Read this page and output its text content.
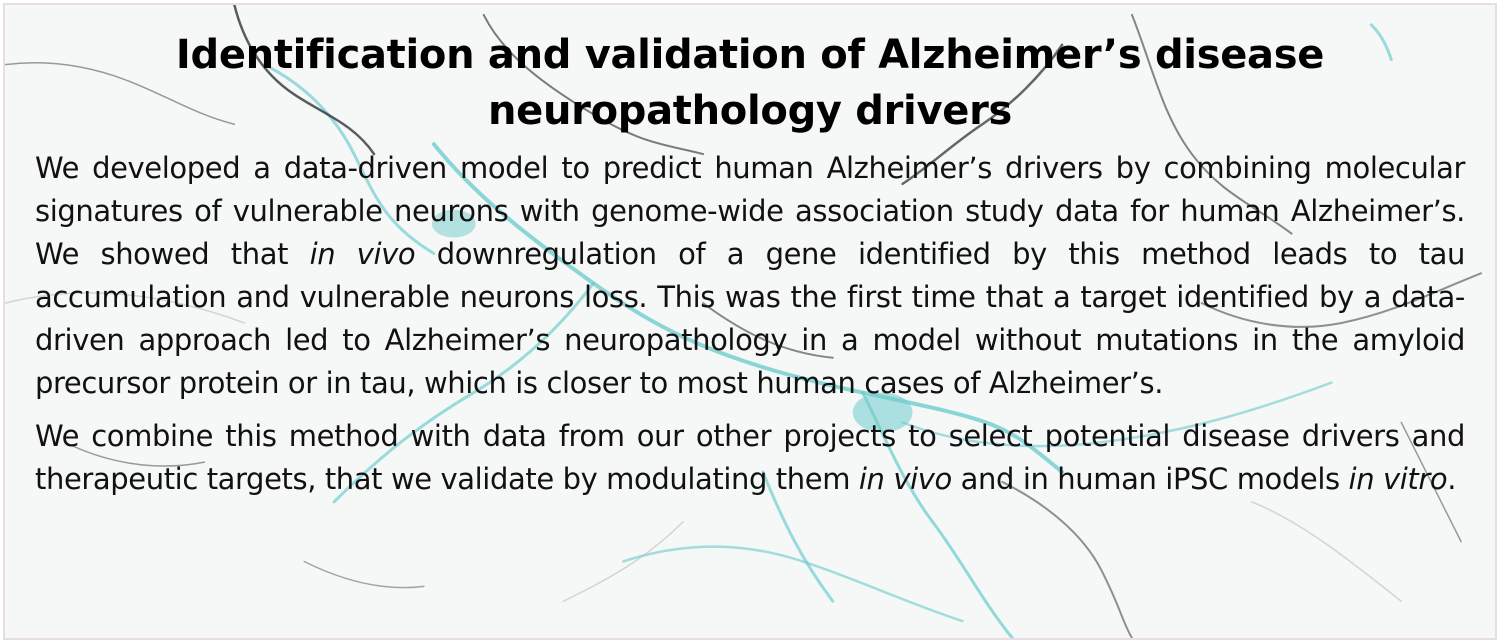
Identification and validation of Alzheimer’s disease neuropathology drivers

We developed a data-driven model to predict human Alzheimer’s drivers by combining molecular signatures of vulnerable neurons with genome-wide association study data for human Alzheimer’s. We showed that in vivo downregulation of a gene identified by this method leads to tau accumulation and vulnerable neurons loss. This was the first time that a target identified by a data-driven approach led to Alzheimer’s neuropathology in a model without mutations in the amyloid precursor protein or in tau, which is closer to most human cases of Alzheimer’s.

We combine this method with data from our other projects to select potential disease drivers and therapeutic targets, that we validate by modulating them in vivo and in human iPSC models in vitro.
